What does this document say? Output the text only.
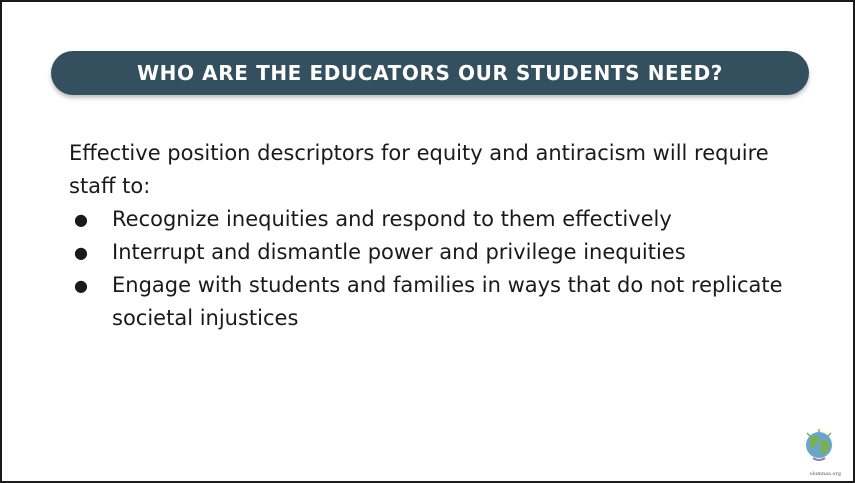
WHO ARE THE EDUCATORS OUR STUDENTS NEED?

Effective position descriptors for equity and antiracism will require staff to:

● Recognize inequities and respond to them effectively
● Interrupt and dismantle power and privilege inequities
● Engage with students and families in ways that do not replicate societal injustices
olumnas.org
